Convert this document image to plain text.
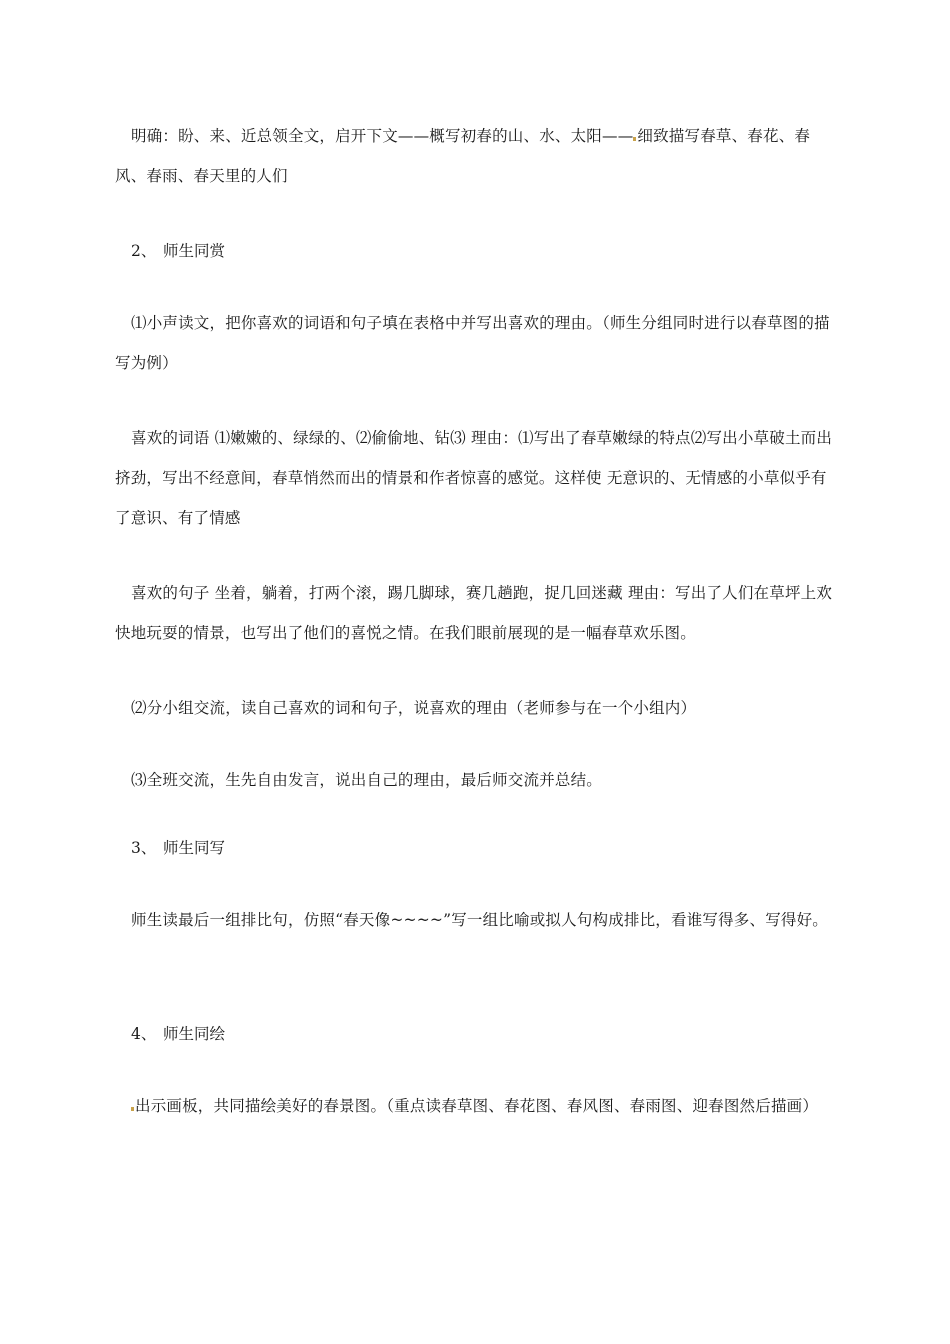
明确：盼、来、近总领全文，启开下文——概写初春的山、水、太阳—— 细致描写春草、春花、春风、春雨、春天里的人们

2、 师生同赏

⑴小声读文，把你喜欢的词语和句子填在表格中并写出喜欢的理由。（师生分组同时进行以春草图的描写为例）

喜欢的词语 ⑴嫩嫩的、绿绿的、⑵偷偷地、钻⑶ 理由：⑴写出了春草嫩绿的特点⑵写出小草破土而出挤劲，写出不经意间，春草悄然而出的情景和作者惊喜的感觉。这样使 无意识的、无情感的小草似乎有了意识、有了情感

喜欢的句子 坐着，躺着，打两个滚，踢几脚球，赛几趟跑，捉几回迷藏 理由：写出了人们在草坪上欢快地玩耍的情景，也写出了他们的喜悦之情。在我们眼前展现的是一幅春草欢乐图。

⑵分小组交流，读自己喜欢的词和句子，说喜欢的理由（老师参与在一个小组内）

⑶全班交流，生先自由发言，说出自己的理由，最后师交流并总结。

3、 师生同写

师生读最后一组排比句，仿照“春天像~~~~”写一组比喻或拟人句构成排比，看谁写得多、写得好。

4、 师生同绘

出示画板，共同描绘美好的春景图。（重点读春草图、春花图、春风图、春雨图、迎春图然后描画）
